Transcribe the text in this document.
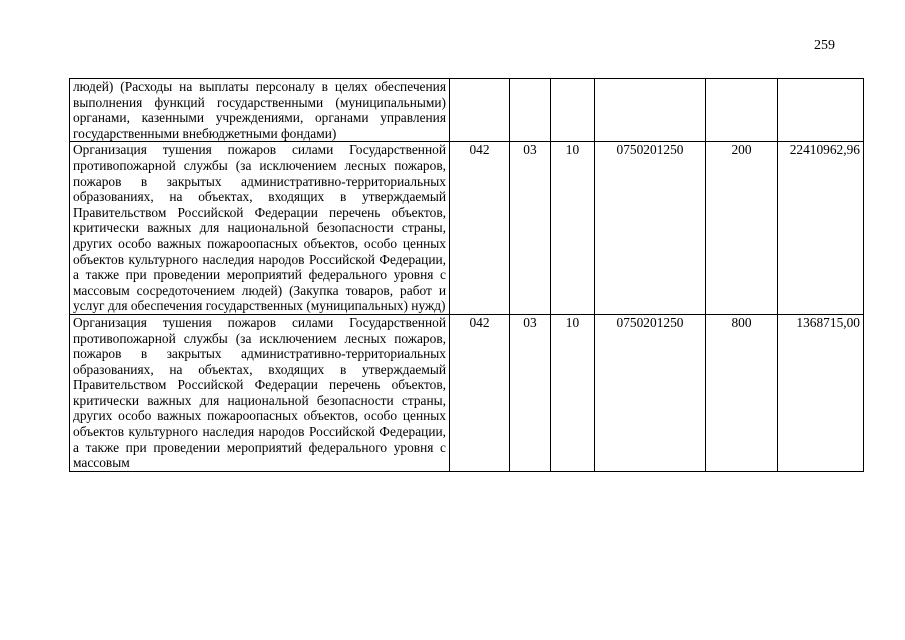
259
людей) (Расходы на выплаты персоналу в целях обеспечения выполнения функций государственными (муниципальными) органами, казенными учреждениями, органами управления государственными внебюджетными фондами)						
Организация тушения пожаров силами Государственной противопожарной службы (за исключением лесных пожаров, пожаров в закрытых административно-территориальных образованиях, на объектах, входящих в утверждаемый Правительством Российской Федерации перечень объектов, критически важных для национальной безопасности страны, других особо важных пожароопасных объектов, особо ценных объектов культурного наследия народов Российской Федерации, а также при проведении мероприятий федерального уровня с массовым сосредоточением людей) (Закупка товаров, работ и услуг для обеспечения государственных (муниципальных) нужд)	042	03	10	0750201250	200	22410962,96
Организация тушения пожаров силами Государственной противопожарной службы (за исключением лесных пожаров, пожаров в закрытых административно-территориальных образованиях, на объектах, входящих в утверждаемый Правительством Российской Федерации перечень объектов, критически важных для национальной безопасности страны, других особо важных пожароопасных объектов, особо ценных объектов культурного наследия народов Российской Федерации, а также при проведении мероприятий федерального уровня с массовым	042	03	10	0750201250	800	1368715,00
